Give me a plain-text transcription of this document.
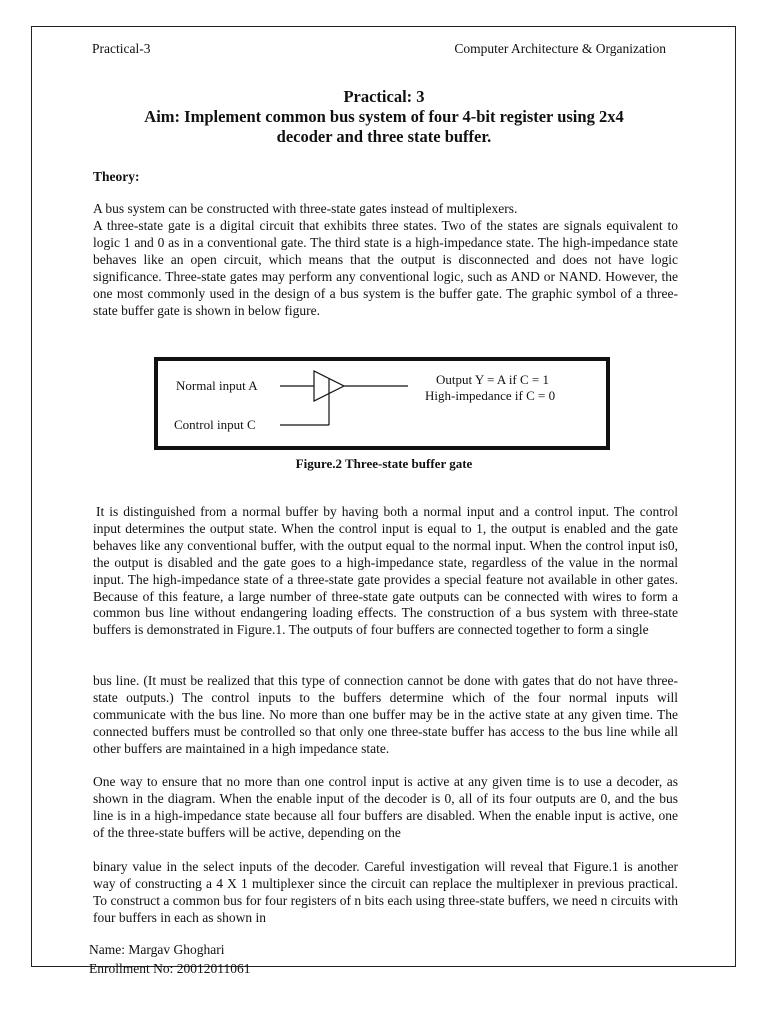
Practical-3	Computer Architecture & Organization
Practical: 3
Aim: Implement common bus system of four 4-bit register using 2x4
decoder and three state buffer.
Theory:

A bus system can be constructed with three-state gates instead of multiplexers.

A three-state gate is a digital circuit that exhibits three states. Two of the states are signals equivalent to logic 1 and 0 as in a conventional gate. The third state is a high-impedance state. The high-impedance state behaves like an open circuit, which means that the output is disconnected and does not have logic significance. Three-state gates may perform any conventional logic, such as AND or NAND. However, the one most commonly used in the design of a bus system is the buffer gate. The graphic symbol of a three-state buffer gate is shown in below figure.

Normal input A
Control input C
Output Y = A if C = 1
High-impedance if C = 0
Figure.2 Three-state buffer gate

It is distinguished from a normal buffer by having both a normal input and a control input. The control input determines the output state. When the control input is equal to 1, the output is enabled and the gate behaves like any conventional buffer, with the output equal to the normal input. When the control input is0, the output is disabled and the gate goes to a high-impedance state, regardless of the value in the normal input. The high-impedance state of a three-state gate provides a special feature not available in other gates. Because of this feature, a large number of three-state gate outputs can be connected with wires to form a common bus line without endangering loading effects. The construction of a bus system with three-state buffers is demonstrated in Figure.1. The outputs of four buffers are connected together to form a single

bus line. (It must be realized that this type of connection cannot be done with gates that do not have three-state outputs.) The control inputs to the buffers determine which of the four normal inputs will communicate with the bus line. No more than one buffer may be in the active state at any given time. The connected buffers must be controlled so that only one three-state buffer has access to the bus line while all other buffers are maintained in a high impedance state.

One way to ensure that no more than one control input is active at any given time is to use a decoder, as shown in the diagram. When the enable input of the decoder is 0, all of its four outputs are 0, and the bus line is in a high-impedance state because all four buffers are disabled. When the enable input is active, one of the three-state buffers will be active, depending on the

binary value in the select inputs of the decoder. Careful investigation will reveal that Figure.1 is another way of constructing a 4 X 1 multiplexer since the circuit can replace the multiplexer in previous practical. To construct a common bus for four registers of n bits each using three-state buffers, we need n circuits with four buffers in each as shown in

Name: Margav Ghoghari
Enrollment No: 20012011061
